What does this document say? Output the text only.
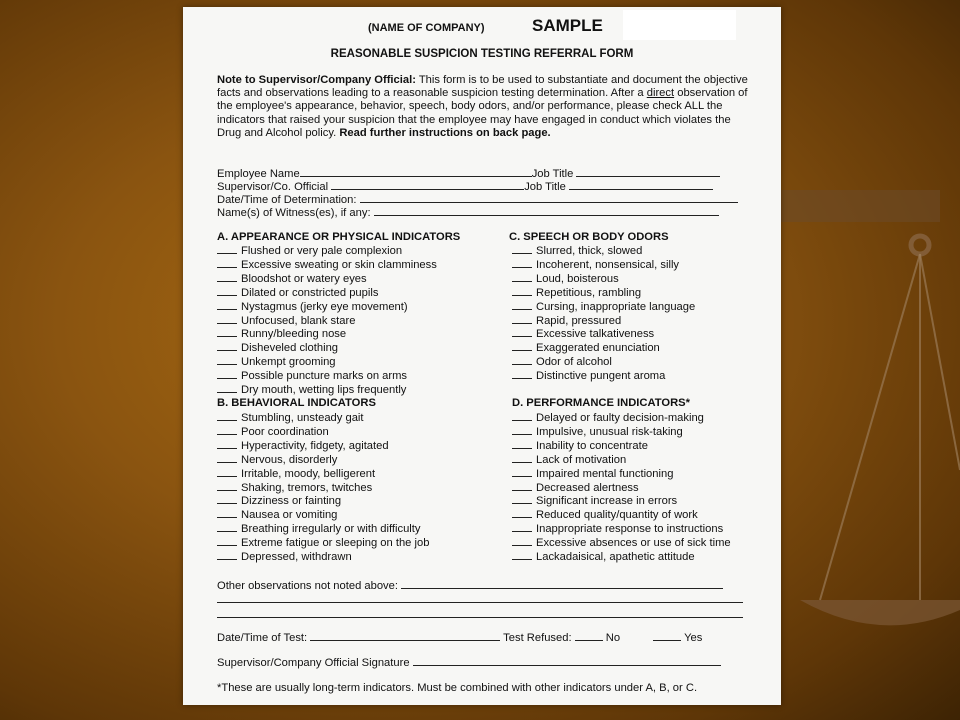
(NAME OF COMPANY)	SAMPLE
REASONABLE SUSPICION TESTING REFERRAL FORM
Note to Supervisor/Company Official: This form is to be used to substantiate and document the objective facts and observations leading to a reasonable suspicion testing determination. After a direct observation of the employee's appearance, behavior, speech, body odors, and/or performance, please check ALL the indicators that raised your suspicion that the employee may have engaged in conduct which violates the Drug and Alcohol policy. Read further instructions on back page.
Employee Name	Job Title
Supervisor/Co. Official	Job Title
Date/Time of Determination:
Name(s) of Witness(es), if any:
A. APPEARANCE OR PHYSICAL INDICATORS
Flushed or very pale complexion
Excessive sweating or skin clamminess
Bloodshot or watery eyes
Dilated or constricted pupils
Nystagmus (jerky eye movement)
Unfocused, blank stare
Runny/bleeding nose
Disheveled clothing
Unkempt grooming
Possible puncture marks on arms
Dry mouth, wetting lips frequently
C. SPEECH OR BODY ODORS
Slurred, thick, slowed
Incoherent, nonsensical, silly
Loud, boisterous
Repetitious, rambling
Cursing, inappropriate language
Rapid, pressured
Excessive talkativeness
Exaggerated enunciation
Odor of alcohol
Distinctive pungent aroma
B. BEHAVIORAL INDICATORS
Stumbling, unsteady gait
Poor coordination
Hyperactivity, fidgety, agitated
Nervous, disorderly
Irritable, moody, belligerent
Shaking, tremors, twitches
Dizziness or fainting
Nausea or vomiting
Breathing irregularly or with difficulty
Extreme fatigue or sleeping on the job
Depressed, withdrawn
D. PERFORMANCE INDICATORS*
Delayed or faulty decision-making
Impulsive, unusual risk-taking
Inability to concentrate
Lack of motivation
Impaired mental functioning
Decreased alertness
Significant increase in errors
Reduced quality/quantity of work
Inappropriate response to instructions
Excessive absences or use of sick time
Lackadaisical, apathetic attitude
Other observations not noted above:
Date/Time of Test:	Test Refused:	No	Yes
Supervisor/Company Official Signature
*These are usually long-term indicators. Must be combined with other indicators under A, B, or C.
